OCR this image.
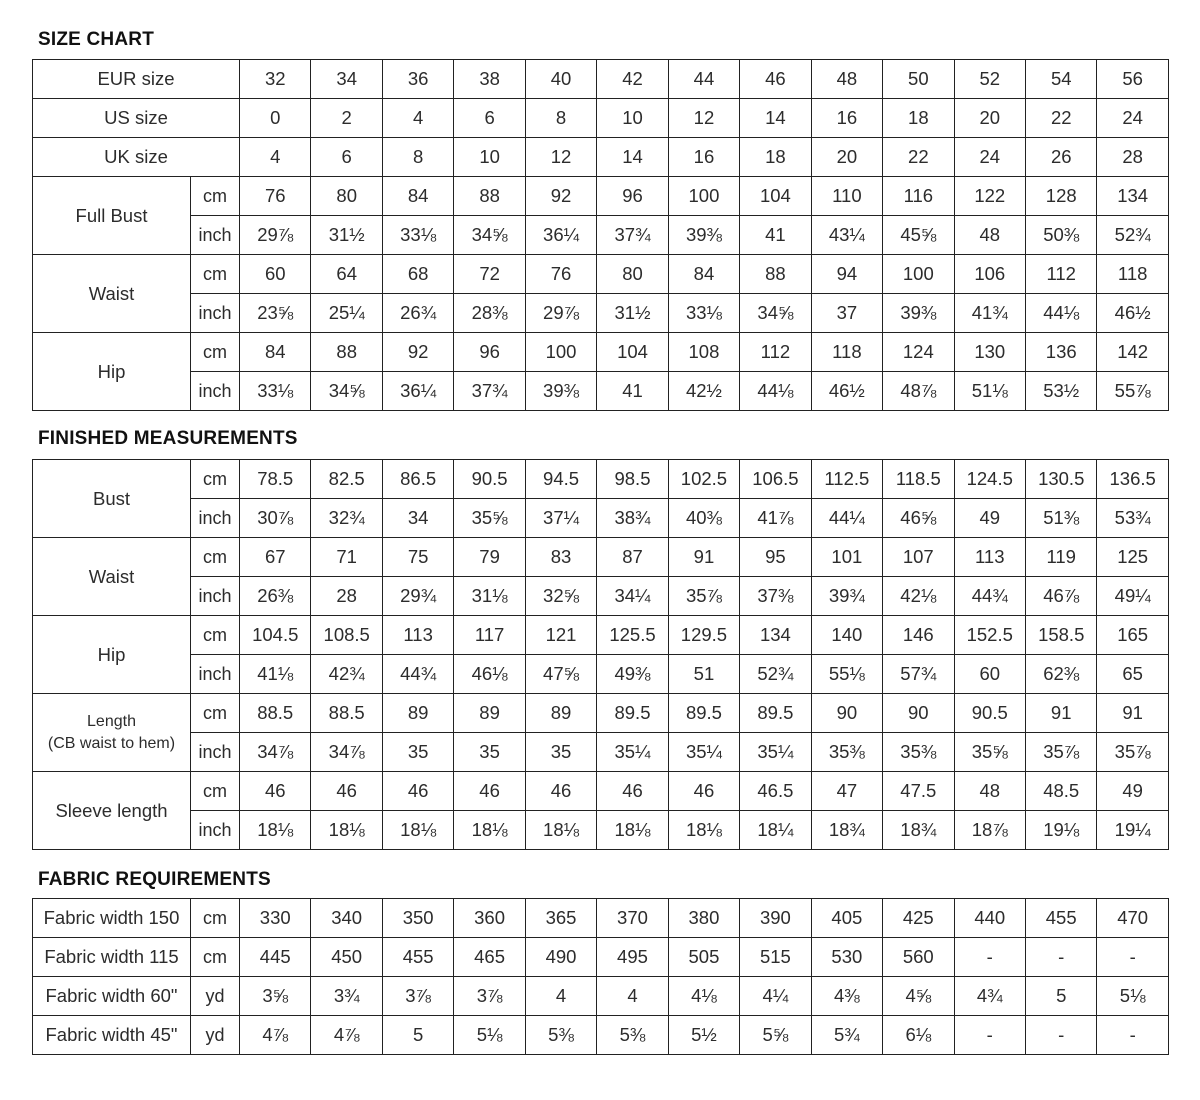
SIZE CHART
EUR size		32	34	36	38	40	42	44	46	48	50	52	54	56
US size		0	2	4	6	8	10	12	14	16	18	20	22	24
UK size		4	6	8	10	12	14	16	18	20	22	24	26	28
Full Bust	cm	76	80	84	88	92	96	100	104	110	116	122	128	134
	inch	29⅞	31½	33⅛	34⅝	36¼	37¾	39⅜	41	43¼	45⅝	48	50⅜	52¾
Waist	cm	60	64	68	72	76	80	84	88	94	100	106	112	118
	inch	23⅝	25¼	26¾	28⅜	29⅞	31½	33⅛	34⅝	37	39⅜	41¾	44⅛	46½
Hip	cm	84	88	92	96	100	104	108	112	118	124	130	136	142
	inch	33⅛	34⅝	36¼	37¾	39⅜	41	42½	44⅛	46½	48⅞	51⅛	53½	55⅞
FINISHED MEASUREMENTS
Bust	cm	78.5	82.5	86.5	90.5	94.5	98.5	102.5	106.5	112.5	118.5	124.5	130.5	136.5
	inch	30⅞	32¾	34	35⅝	37¼	38¾	40⅜	41⅞	44¼	46⅝	49	51⅜	53¾
Waist	cm	67	71	75	79	83	87	91	95	101	107	113	119	125
	inch	26⅜	28	29¾	31⅛	32⅝	34¼	35⅞	37⅜	39¾	42⅛	44¾	46⅞	49¼
Hip	cm	104.5	108.5	113	117	121	125.5	129.5	134	140	146	152.5	158.5	165
	inch	41⅛	42¾	44¾	46⅛	47⅝	49⅜	51	52¾	55⅛	57¾	60	62⅜	65

Length
(CB waist to hem)	cm	88.5	88.5	89	89	89	89.5	89.5	89.5	90	90	90.5	91	91
	inch	34⅞	34⅞	35	35	35	35¼	35¼	35¼	35⅜	35⅜	35⅝	35⅞	35⅞
Sleeve length	cm	46	46	46	46	46	46	46	46.5	47	47.5	48	48.5	49
	inch	18⅛	18⅛	18⅛	18⅛	18⅛	18⅛	18⅛	18¼	18¾	18¾	18⅞	19⅛	19¼
FABRIC REQUIREMENTS
Fabric width 150	cm	330	340	350	360	365	370	380	390	405	425	440	455	470
Fabric width 115	cm	445	450	455	465	490	495	505	515	530	560	-	-	-
Fabric width 60"	yd	3⅝	3¾	3⅞	3⅞	4	4	4⅛	4¼	4⅜	4⅝	4¾	5	5⅛
Fabric width 45"	yd	4⅞	4⅞	5	5⅛	5⅜	5⅜	5½	5⅝	5¾	6⅛	-	-	-
